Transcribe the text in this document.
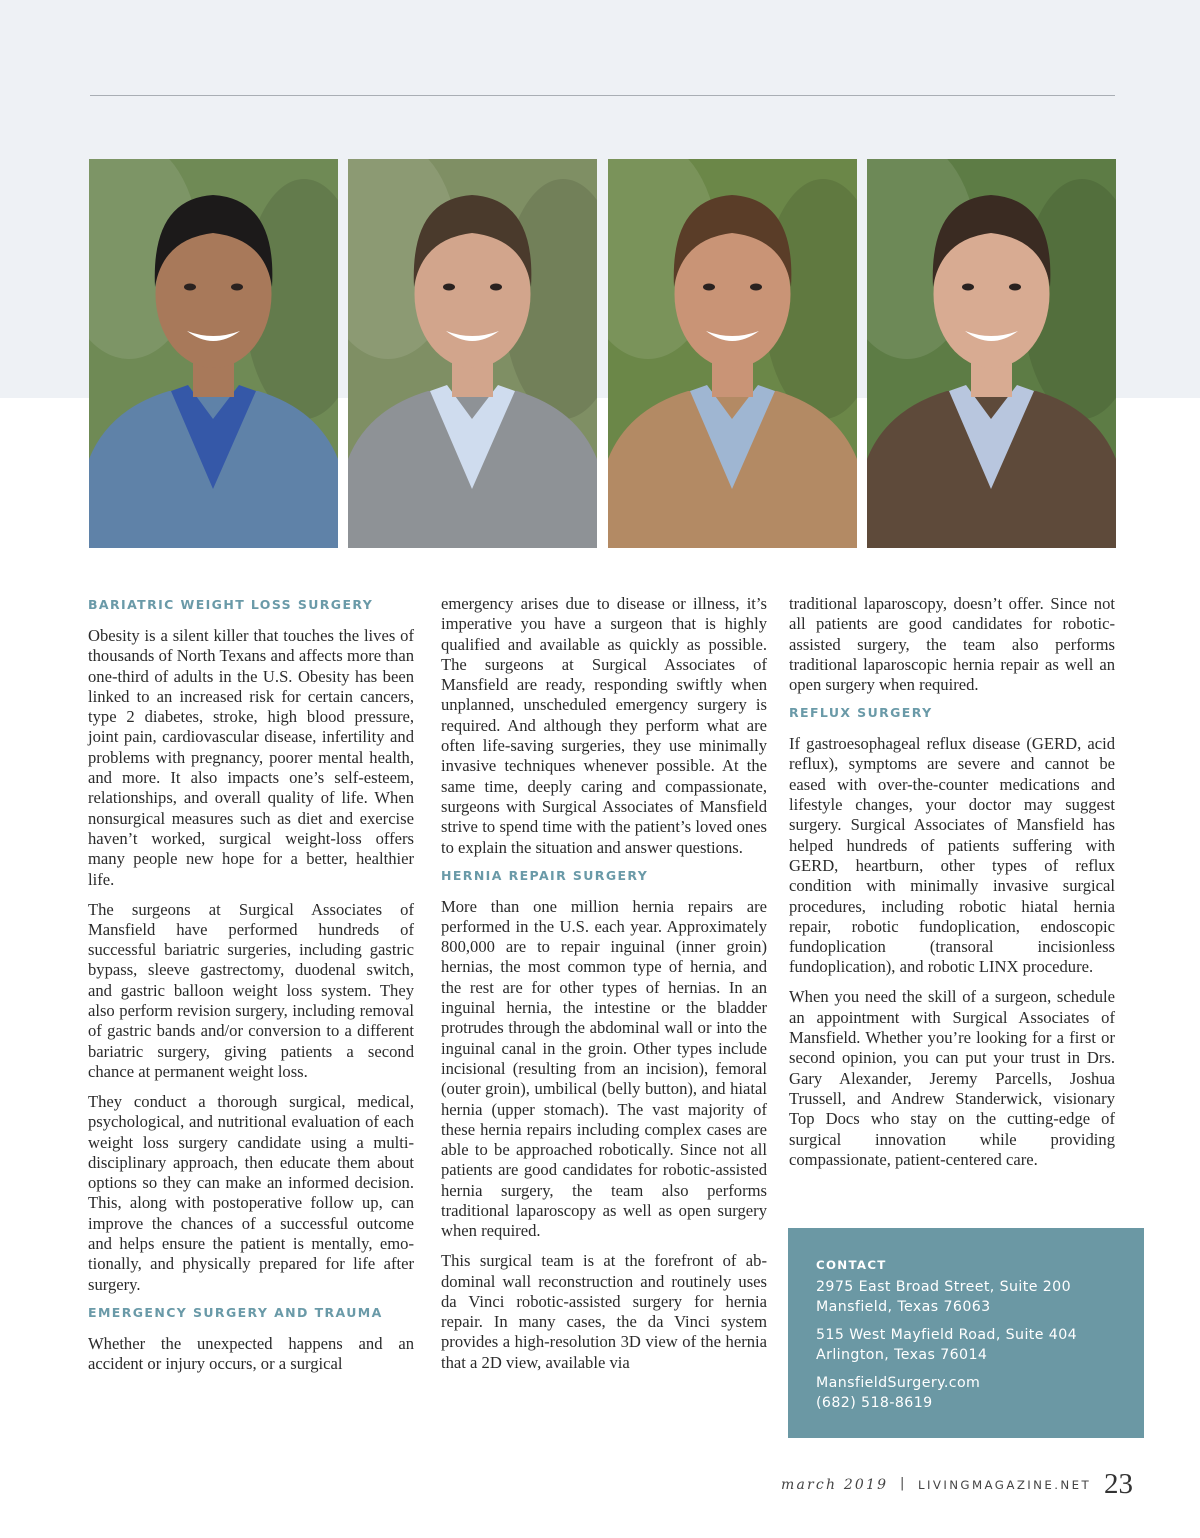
BARIATRIC WEIGHT LOSS SURGERY

Obesity is a silent killer that touches the lives of thousands of North Texans and affects more than one-third of adults in the U.S. Obesity has been linked to an increased risk for certain cancers, type 2 diabetes, stroke, high blood pressure, joint pain, cardiovascular disease, infertility and problems with pregnancy, poorer mental health, and more. It also impacts one’s self-esteem, relationships, and overall quality of life. When nonsurgical measures such as diet and exercise haven’t worked, surgical weight-loss offers many people new hope for a better, healthier life.

The surgeons at Surgical Associates of Mansfield have performed hundreds of successful bariatric surgeries, including gastric bypass, sleeve gastrectomy, duodenal switch, and gastric balloon weight loss system. They also perform revision surgery, including removal of gastric bands and/or conversion to a different bariatric surgery, giving patients a second chance at permanent weight loss.

They conduct a thorough surgical, medical, psychological, and nutritional evaluation of each weight loss surgery candidate using a multi-disciplinary approach, then educate them about options so they can make an informed decision. This, along with postoperative follow up, can improve the chances of a successful outcome and helps ensure the patient is mentally, emotionally, and physically prepared for life after surgery.

EMERGENCY SURGERY AND TRAUMA

Whether the unexpected happens and an accident or injury occurs, or a surgical

emergency arises due to disease or illness, it’s imperative you have a surgeon that is highly qualified and available as quickly as possible. The surgeons at Surgical Associates of Mansfield are ready, responding swiftly when unplanned, unscheduled emergency surgery is required. And although they perform what are often life-saving surgeries, they use minimally invasive techniques whenever possible. At the same time, deeply caring and compassionate, surgeons with Surgical Associates of Mansfield strive to spend time with the patient’s loved ones to explain the situation and answer questions.

HERNIA REPAIR SURGERY

More than one million hernia repairs are performed in the U.S. each year. Approximately 800,000 are to repair inguinal (inner groin) hernias, the most common type of hernia, and the rest are for other types of hernias. In an inguinal hernia, the intestine or the bladder protrudes through the abdominal wall or into the inguinal canal in the groin. Other types include incisional (resulting from an incision), femoral (outer groin), umbilical (belly button), and hiatal hernia (upper stomach). The vast majority of these hernia repairs including complex cases are able to be approached robotically. Since not all patients are good candidates for robotic-assisted hernia surgery, the team also performs traditional laparoscopy as well as open surgery when required.

This surgical team is at the forefront of abdominal wall reconstruction and routinely uses da Vinci robotic-assisted surgery for hernia repair. In many cases, the da Vinci system provides a high-resolution 3D view of the hernia that a 2D view, available via

traditional laparoscopy, doesn’t offer. Since not all patients are good candidates for robotic-assisted surgery, the team also performs traditional laparoscopic hernia repair as well an open surgery when required.

REFLUX SURGERY

If gastroesophageal reflux disease (GERD, acid reflux), symptoms are severe and cannot be eased with over-the-counter medications and lifestyle changes, your doctor may suggest surgery. Surgical Associates of Mansfield has helped hundreds of patients suffering with GERD, heartburn, other types of reflux condition with minimally invasive surgical procedures, including robotic hiatal hernia repair, robotic fundoplication, endoscopic fundoplication (transoral incisionless fundoplication), and robotic LINX procedure.

When you need the skill of a surgeon, schedule an appointment with Surgical Associates of Mansfield. Whether you’re looking for a first or second opinion, you can put your trust in Drs. Gary Alexander, Jeremy Parcells, Joshua Trussell, and Andrew Standerwick, visionary Top Docs who stay on the cutting-edge of surgical innovation while providing compassionate, patient-centered care.

CONTACT
2975 East Broad Street, Suite 200
Mansfield, Texas 76063
515 West Mayfield Road, Suite 404
Arlington, Texas 76014
MansfieldSurgery.com
(682) 518-8619
march 2019 | LIVINGMAGAZINE.NET 23
